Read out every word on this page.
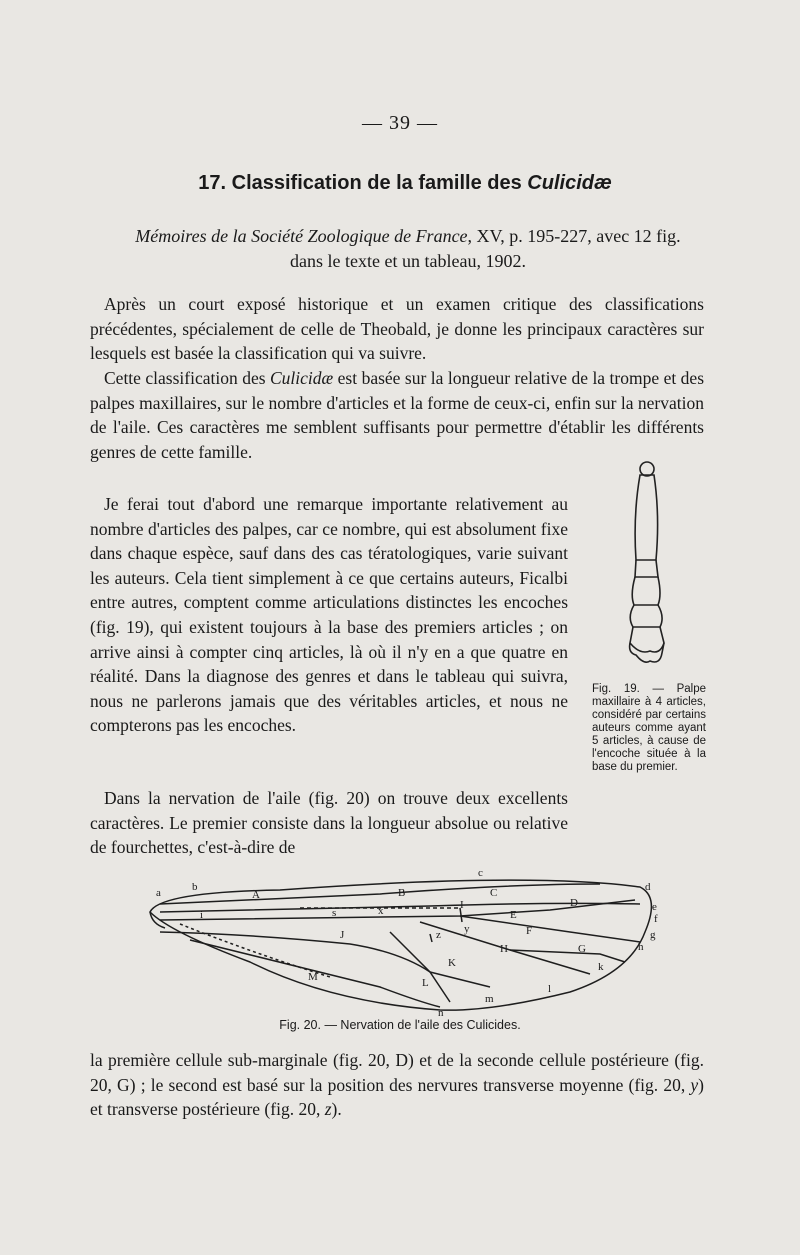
— 39 —
17. Classification de la famille des Culicidæ
Mémoires de la Société Zoologique de France, XV, p. 195-227, avec 12 fig.
dans le texte et un tableau, 1902.

Après un court exposé historique et un examen critique des classifications précédentes, spécialement de celle de Theobald, je donne les principaux caractères sur lesquels est basée la classification qui va suivre.

Cette classification des Culicidæ est basée sur la longueur relative de la trompe et des palpes maxillaires, sur le nombre d'articles et la forme de ceux-ci, enfin sur la nervation de l'aile. Ces caractères me semblent suffisants pour permettre d'établir les différents genres de cette famille.

Je ferai tout d'abord une remarque importante relativement au nombre d'articles des palpes, car ce nombre, qui est absolument fixe dans chaque espèce, sauf dans des cas tératologiques, varie suivant les auteurs. Cela tient simplement à ce que certains auteurs, Ficalbi entre autres, comptent comme articulations distinctes les encoches (fig. 19), qui existent toujours à la base des premiers articles ; on arrive ainsi à compter cinq articles, là où il n'y en a que quatre en réalité. Dans la diagnose des genres et dans le tableau qui suivra, nous ne parlerons jamais que des véritables articles, et nous ne compterons pas les encoches.

Fig. 19. — Palpe maxillaire à 4 articles, considéré par certains auteurs comme ayant 5 articles, à cause de l'encoche située à la base du premier.

Dans la nervation de l'aile (fig. 20) on trouve deux excellents caractères. Le premier consiste dans la longueur absolue ou relative de fourchettes, c'est-à-dire de

a	b
A	B	C
c
D
d
e
f
g
h
E
F
G
H
I
J
K
L
M
s	x
y
z
i
k
l
m
n
Fig. 20. — Nervation de l'aile des Culicides.

la première cellule sub-marginale (fig. 20, D) et de la seconde cellule postérieure (fig. 20, G) ; le second est basé sur la position des nervures transverse moyenne (fig. 20, y) et transverse postérieure (fig. 20, z).
